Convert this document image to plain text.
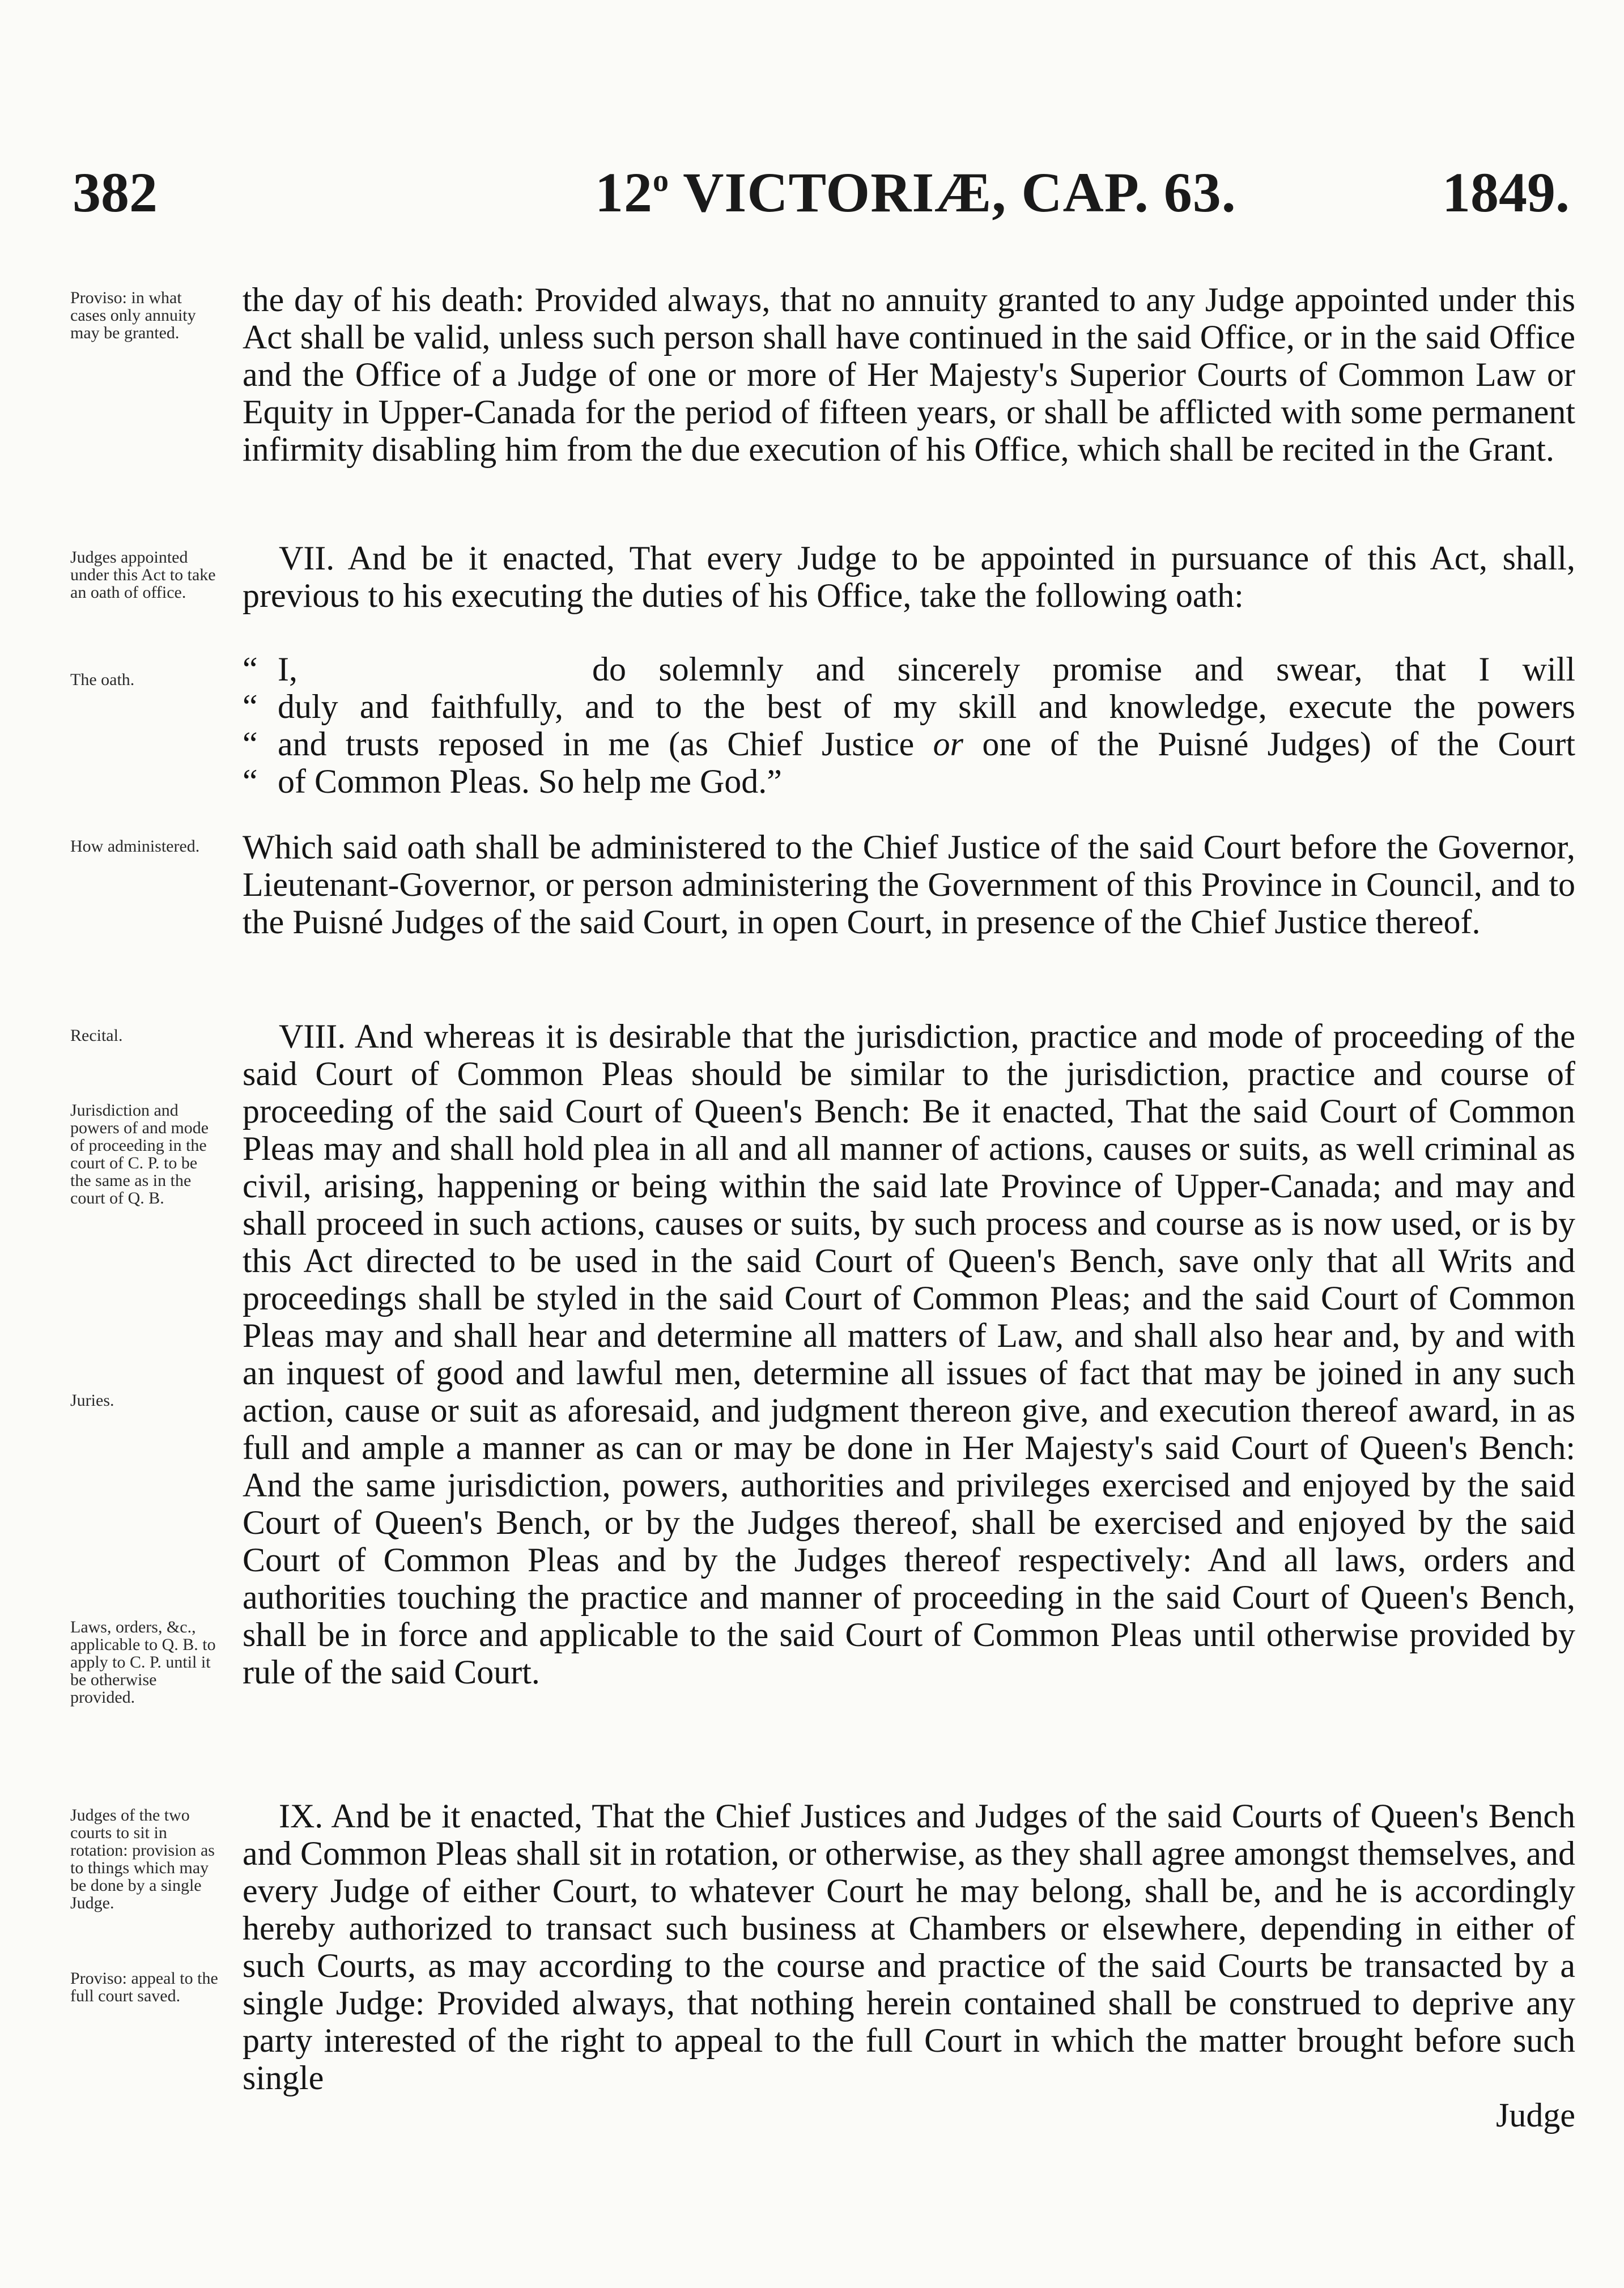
382	12$^o$ VICTORIÆ, CAP. 63.	1849.
Proviso: in what cases only annuity may be granted.
Judges appointed under this Act to take an oath of office.
The oath.
How administered.
Recital.
Jurisdiction and powers of and mode of proceeding in the court of C. P. to be the same as in the court of Q. B.
Juries.
Laws, orders, &c., applicable to Q. B. to apply to C. P. until it be otherwise provided.
Judges of the two courts to sit in rotation: provision as to things which may be done by a single Judge.
Proviso: appeal to the full court saved.
the day of his death: Provided always, that no annuity granted to any Judge appointed under this Act shall be valid, unless such person shall have continued in the said Office, or in the said Office and the Office of a Judge of one or more of Her Majesty's Superior Courts of Common Law or Equity in Upper-Canada for the period of fifteen years, or shall be afflicted with some permanent infirmity disabling him from the due execution of his Office, which shall be recited in the Grant.
VII. And be it enacted, That every Judge to be appointed in pursuance of this Act, shall, previous to his executing the duties of his Office, take the following oath:
“ I,	do solemnly and sincerely promise and swear, that I will
“ duly and faithfully, and to the best of my skill and knowledge, execute the powers
“ and trusts reposed in me (as Chief Justice or one of the Puisné Judges) of the Court
“ of Common Pleas. So help me God.”
Which said oath shall be administered to the Chief Justice of the said Court before the Governor, Lieutenant-Governor, or person administering the Government of this Province in Council, and to the Puisné Judges of the said Court, in open Court, in presence of the Chief Justice thereof.
VIII. And whereas it is desirable that the jurisdiction, practice and mode of proceeding of the said Court of Common Pleas should be similar to the jurisdiction, practice and course of proceeding of the said Court of Queen's Bench: Be it enacted, That the said Court of Common Pleas may and shall hold plea in all and all manner of actions, causes or suits, as well criminal as civil, arising, happening or being within the said late Province of Upper-Canada; and may and shall proceed in such actions, causes or suits, by such process and course as is now used, or is by this Act directed to be used in the said Court of Queen's Bench, save only that all Writs and proceedings shall be styled in the said Court of Common Pleas; and the said Court of Common Pleas may and shall hear and determine all matters of Law, and shall also hear and, by and with an inquest of good and lawful men, determine all issues of fact that may be joined in any such action, cause or suit as aforesaid, and judgment thereon give, and execution thereof award, in as full and ample a manner as can or may be done in Her Majesty's said Court of Queen's Bench: And the same jurisdiction, powers, authorities and privileges exercised and enjoyed by the said Court of Queen's Bench, or by the Judges thereof, shall be exercised and enjoyed by the said Court of Common Pleas and by the Judges thereof respectively: And all laws, orders and authorities touching the practice and manner of proceeding in the said Court of Queen's Bench, shall be in force and applicable to the said Court of Common Pleas until otherwise provided by rule of the said Court.
IX. And be it enacted, That the Chief Justices and Judges of the said Courts of Queen's Bench and Common Pleas shall sit in rotation, or otherwise, as they shall agree amongst themselves, and every Judge of either Court, to whatever Court he may belong, shall be, and he is accordingly hereby authorized to transact such business at Chambers or elsewhere, depending in either of such Courts, as may according to the course and practice of the said Courts be transacted by a single Judge: Provided always, that nothing herein contained shall be construed to deprive any party interested of the right to appeal to the full Court in which the matter brought before such single
Judge
